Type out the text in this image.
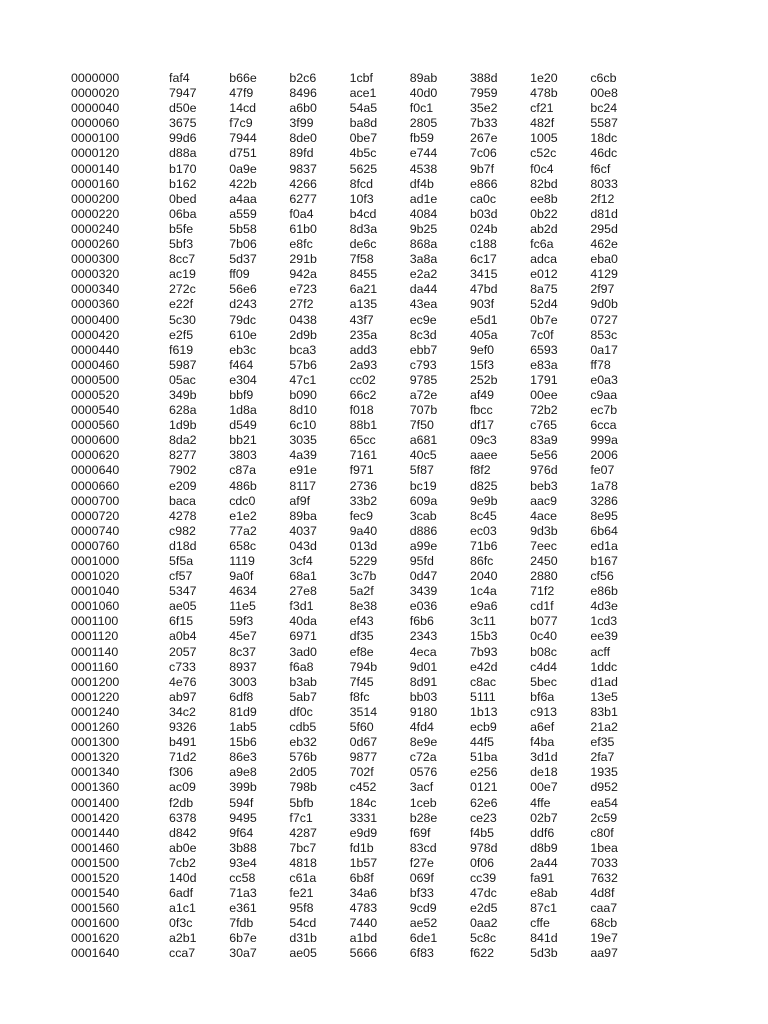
0000000	faf4	b66e	b2c6	1cbf	89ab	388d	1e20	c6cb
0000020	7947	47f9	8496	ace1	40d0	7959	478b	00e8
0000040	d50e	14cd	a6b0	54a5	f0c1	35e2	cf21	bc24
0000060	3675	f7c9	3f99	ba8d	2805	7b33	482f	5587
0000100	99d6	7944	8de0	0be7	fb59	267e	1005	18dc
0000120	d88a	d751	89fd	4b5c	e744	7c06	c52c	46dc
0000140	b170	0a9e	9837	5625	4538	9b7f	f0c4	f6cf
0000160	b162	422b	4266	8fcd	df4b	e866	82bd	8033
0000200	0bed	a4aa	6277	10f3	ad1e	ca0c	ee8b	2f12
0000220	06ba	a559	f0a4	b4cd	4084	b03d	0b22	d81d
0000240	b5fe	5b58	61b0	8d3a	9b25	024b	ab2d	295d
0000260	5bf3	7b06	e8fc	de6c	868a	c188	fc6a	462e
0000300	8cc7	5d37	291b	7f58	3a8a	6c17	adca	eba0
0000320	ac19	ff09	942a	8455	e2a2	3415	e012	4129
0000340	272c	56e6	e723	6a21	da44	47bd	8a75	2f97
0000360	e22f	d243	27f2	a135	43ea	903f	52d4	9d0b
0000400	5c30	79dc	0438	43f7	ec9e	e5d1	0b7e	0727
0000420	e2f5	610e	2d9b	235a	8c3d	405a	7c0f	853c
0000440	f619	eb3c	bca3	add3	ebb7	9ef0	6593	0a17
0000460	5987	f464	57b6	2a93	c793	15f3	e83a	ff78
0000500	05ac	e304	47c1	cc02	9785	252b	1791	e0a3
0000520	349b	bbf9	b090	66c2	a72e	af49	00ee	c9aa
0000540	628a	1d8a	8d10	f018	707b	fbcc	72b2	ec7b
0000560	1d9b	d549	6c10	88b1	7f50	df17	c765	6cca
0000600	8da2	bb21	3035	65cc	a681	09c3	83a9	999a
0000620	8277	3803	4a39	7161	40c5	aaee	5e56	2006
0000640	7902	c87a	e91e	f971	5f87	f8f2	976d	fe07
0000660	e209	486b	8117	2736	bc19	d825	beb3	1a78
0000700	baca	cdc0	af9f	33b2	609a	9e9b	aac9	3286
0000720	4278	e1e2	89ba	fec9	3cab	8c45	4ace	8e95
0000740	c982	77a2	4037	9a40	d886	ec03	9d3b	6b64
0000760	d18d	658c	043d	013d	a99e	71b6	7eec	ed1a
0001000	5f5a	1119	3cf4	5229	95fd	86fc	2450	b167
0001020	cf57	9a0f	68a1	3c7b	0d47	2040	2880	cf56
0001040	5347	4634	27e8	5a2f	3439	1c4a	71f2	e86b
0001060	ae05	11e5	f3d1	8e38	e036	e9a6	cd1f	4d3e
0001100	6f15	59f3	40da	ef43	f6b6	3c11	b077	1cd3
0001120	a0b4	45e7	6971	df35	2343	15b3	0c40	ee39
0001140	2057	8c37	3ad0	ef8e	4eca	7b93	b08c	acff
0001160	c733	8937	f6a8	794b	9d01	e42d	c4d4	1ddc
0001200	4e76	3003	b3ab	7f45	8d91	c8ac	5bec	d1ad
0001220	ab97	6df8	5ab7	f8fc	bb03	5111	bf6a	13e5
0001240	34c2	81d9	df0c	3514	9180	1b13	c913	83b1
0001260	9326	1ab5	cdb5	5f60	4fd4	ecb9	a6ef	21a2
0001300	b491	15b6	eb32	0d67	8e9e	44f5	f4ba	ef35
0001320	71d2	86e3	576b	9877	c72a	51ba	3d1d	2fa7
0001340	f306	a9e8	2d05	702f	0576	e256	de18	1935
0001360	ac09	399b	798b	c452	3acf	0121	00e7	d952
0001400	f2db	594f	5bfb	184c	1ceb	62e6	4ffe	ea54
0001420	6378	9495	f7c1	3331	b28e	ce23	02b7	2c59
0001440	d842	9f64	4287	e9d9	f69f	f4b5	ddf6	c80f
0001460	ab0e	3b88	7bc7	fd1b	83cd	978d	d8b9	1bea
0001500	7cb2	93e4	4818	1b57	f27e	0f06	2a44	7033
0001520	140d	cc58	c61a	6b8f	069f	cc39	fa91	7632
0001540	6adf	71a3	fe21	34a6	bf33	47dc	e8ab	4d8f
0001560	a1c1	e361	95f8	4783	9cd9	e2d5	87c1	caa7
0001600	0f3c	7fdb	54cd	7440	ae52	0aa2	cffe	68cb
0001620	a2b1	6b7e	d31b	a1bd	6de1	5c8c	841d	19e7
0001640	cca7	30a7	ae05	5666	6f83	f622	5d3b	aa97
